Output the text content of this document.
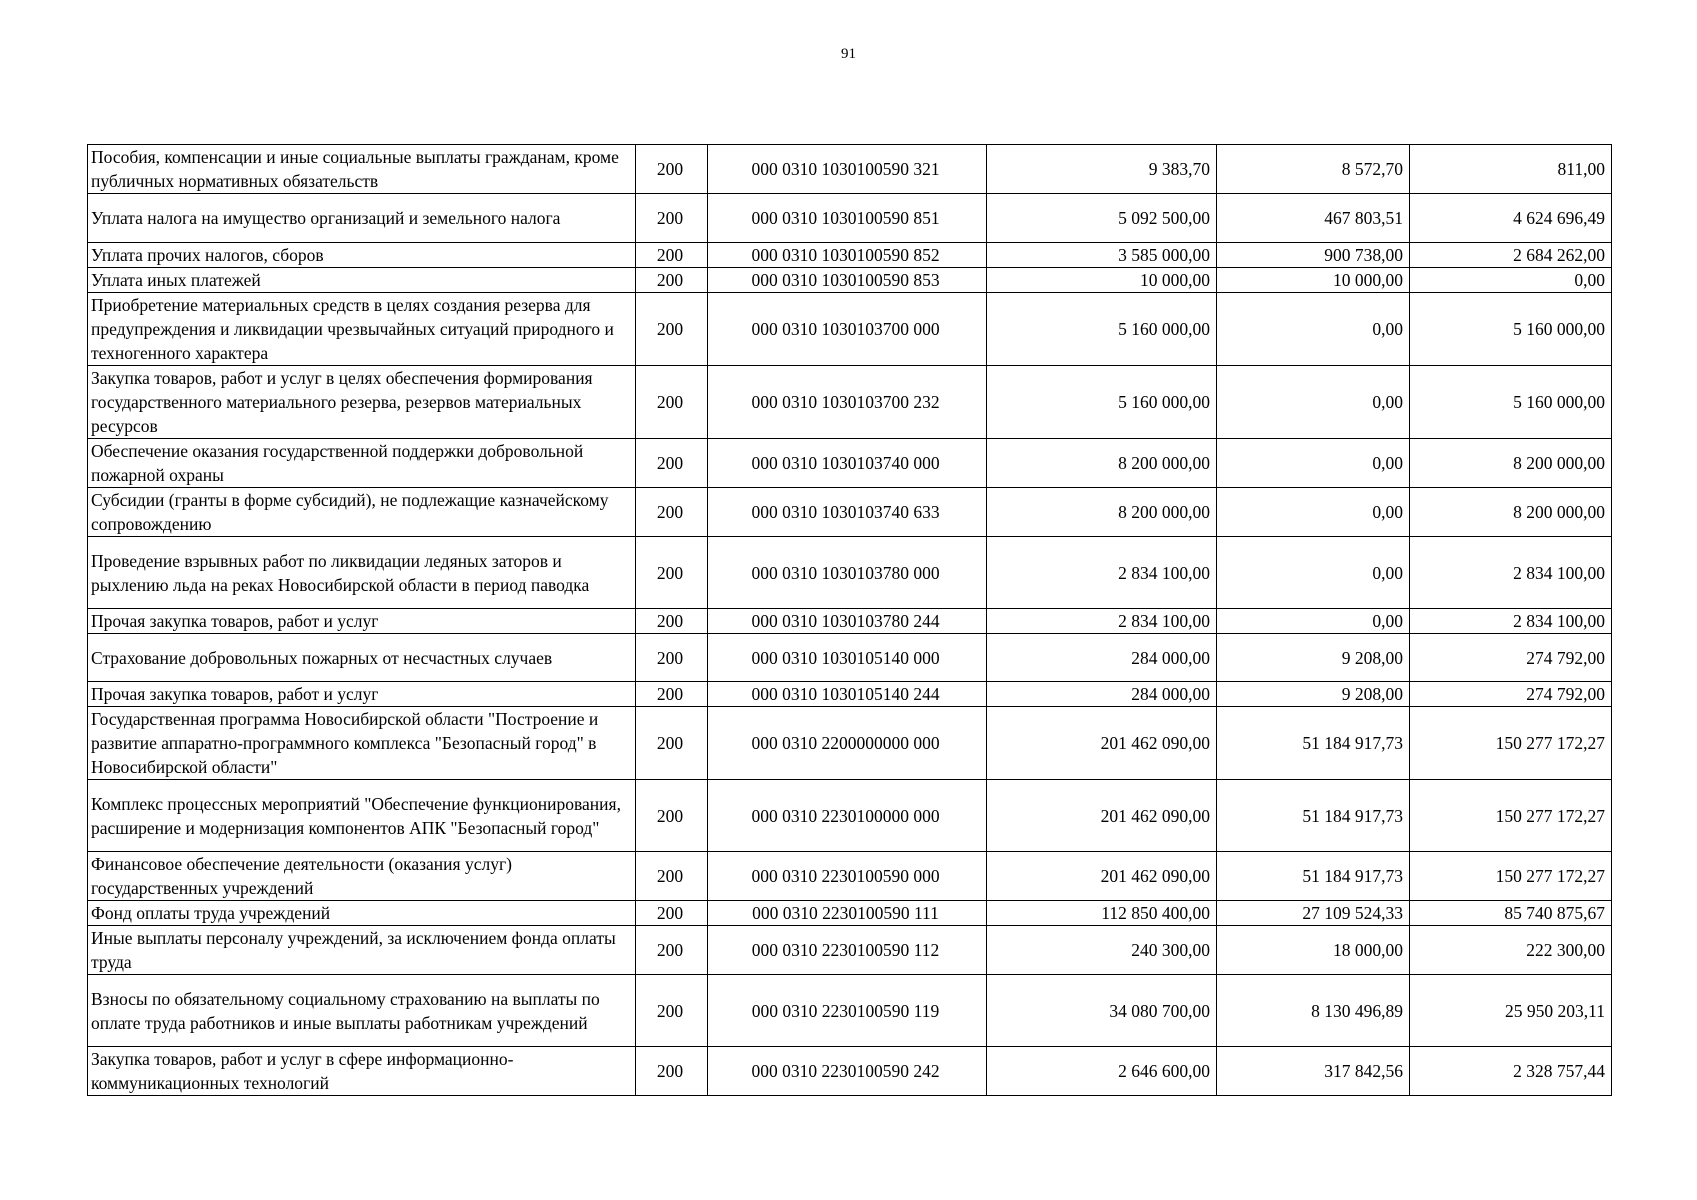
91
Пособия, компенсации и иные социальные выплаты гражданам, кроме публичных нормативных обязательств	200	000 0310 1030100590 321	9 383,70	8 572,70	811,00
Уплата налога на имущество организаций и земельного налога	200	000 0310 1030100590 851	5 092 500,00	467 803,51	4 624 696,49
Уплата прочих налогов, сборов	200	000 0310 1030100590 852	3 585 000,00	900 738,00	2 684 262,00
Уплата иных платежей	200	000 0310 1030100590 853	10 000,00	10 000,00	0,00
Приобретение материальных средств в целях создания резерва для предупреждения и ликвидации чрезвычайных ситуаций природного и техногенного характера	200	000 0310 1030103700 000	5 160 000,00	0,00	5 160 000,00
Закупка товаров, работ и услуг в целях обеспечения формирования государственного материального резерва, резервов материальных ресурсов	200	000 0310 1030103700 232	5 160 000,00	0,00	5 160 000,00
Обеспечение оказания государственной поддержки добровольной пожарной охраны	200	000 0310 1030103740 000	8 200 000,00	0,00	8 200 000,00
Субсидии (гранты в форме субсидий), не подлежащие казначейскому сопровождению	200	000 0310 1030103740 633	8 200 000,00	0,00	8 200 000,00
Проведение взрывных работ по ликвидации ледяных заторов и рыхлению льда на реках Новосибирской области в период паводка	200	000 0310 1030103780 000	2 834 100,00	0,00	2 834 100,00
Прочая закупка товаров, работ и услуг	200	000 0310 1030103780 244	2 834 100,00	0,00	2 834 100,00
Страхование добровольных пожарных от несчастных случаев	200	000 0310 1030105140 000	284 000,00	9 208,00	274 792,00
Прочая закупка товаров, работ и услуг	200	000 0310 1030105140 244	284 000,00	9 208,00	274 792,00
Государственная программа Новосибирской области "Построение и развитие аппаратно-программного комплекса "Безопасный город" в Новосибирской области"	200	000 0310 2200000000 000	201 462 090,00	51 184 917,73	150 277 172,27
Комплекс процессных мероприятий "Обеспечение функционирования, расширение и модернизация компонентов АПК "Безопасный город"	200	000 0310 2230100000 000	201 462 090,00	51 184 917,73	150 277 172,27
Финансовое обеспечение деятельности (оказания услуг) государственных учреждений	200	000 0310 2230100590 000	201 462 090,00	51 184 917,73	150 277 172,27
Фонд оплаты труда учреждений	200	000 0310 2230100590 111	112 850 400,00	27 109 524,33	85 740 875,67
Иные выплаты персоналу учреждений, за исключением фонда оплаты труда	200	000 0310 2230100590 112	240 300,00	18 000,00	222 300,00
Взносы по обязательному социальному страхованию на выплаты по оплате труда работников и иные выплаты работникам учреждений	200	000 0310 2230100590 119	34 080 700,00	8 130 496,89	25 950 203,11
Закупка товаров, работ и услуг в сфере информационно-коммуникационных технологий	200	000 0310 2230100590 242	2 646 600,00	317 842,56	2 328 757,44
